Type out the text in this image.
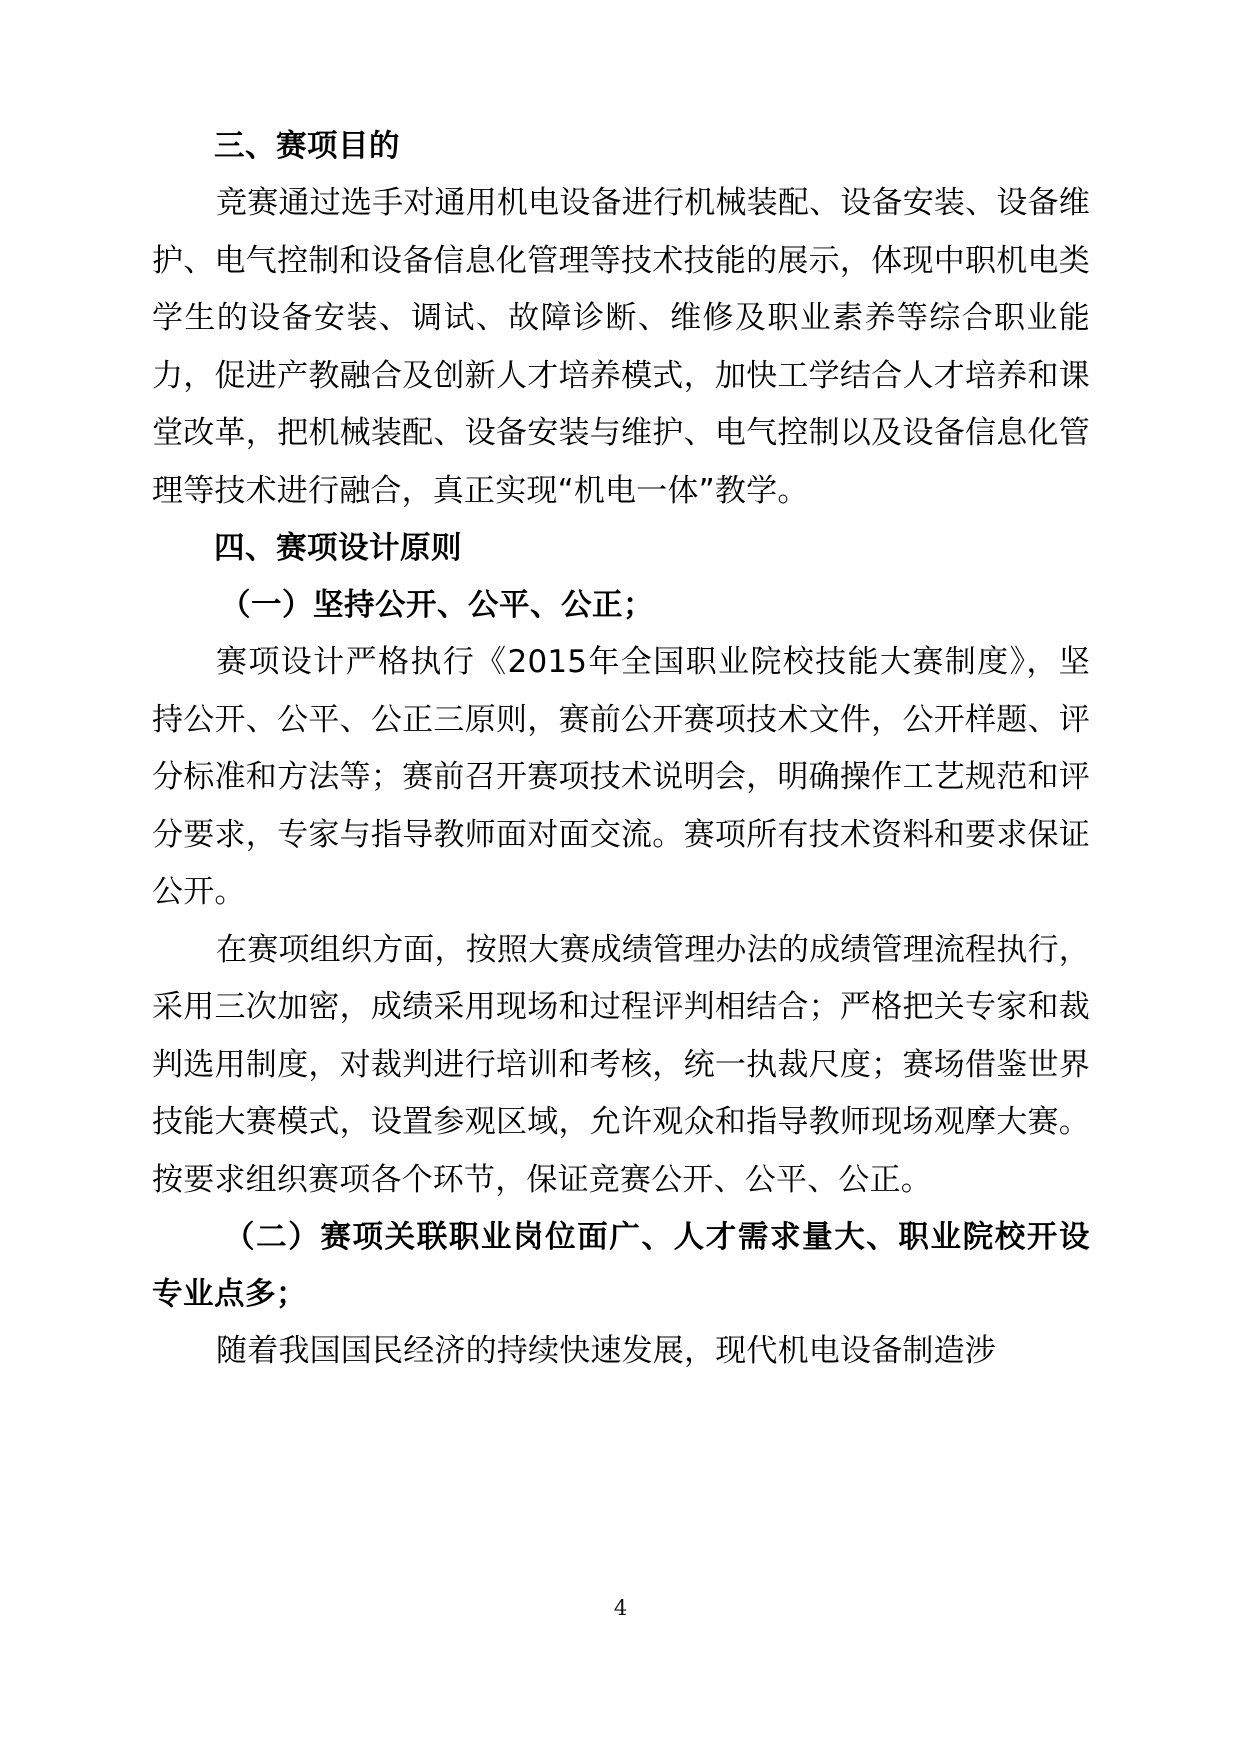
三、赛项目的

竞赛通过选手对通用机电设备进行机械装配、设备安装、设备维护、电气控制和设备信息化管理等技术技能的展示，体现中职机电类学生的设备安装、调试、故障诊断、维修及职业素养等综合职业能力，促进产教融合及创新人才培养模式，加快工学结合人才培养和课堂改革，把机械装配、设备安装与维护、电气控制以及设备信息化管理等技术进行融合，真正实现“机电一体”教学。

四、赛项设计原则
（一）坚持公开、公平、公正；

赛项设计严格执行《2015年全国职业院校技能大赛制度》，坚持公开、公平、公正三原则，赛前公开赛项技术文件，公开样题、评分标准和方法等；赛前召开赛项技术说明会，明确操作工艺规范和评分要求，专家与指导教师面对面交流。赛项所有技术资料和要求保证公开。

在赛项组织方面，按照大赛成绩管理办法的成绩管理流程执行，采用三次加密，成绩采用现场和过程评判相结合；严格把关专家和裁判选用制度，对裁判进行培训和考核，统一执裁尺度；赛场借鉴世界技能大赛模式，设置参观区域，允许观众和指导教师现场观摩大赛。按要求组织赛项各个环节，保证竞赛公开、公平、公正。

（二）赛项关联职业岗位面广、人才需求量大、职业院校开设专业点多；

随着我国国民经济的持续快速发展，现代机电设备制造涉

4
